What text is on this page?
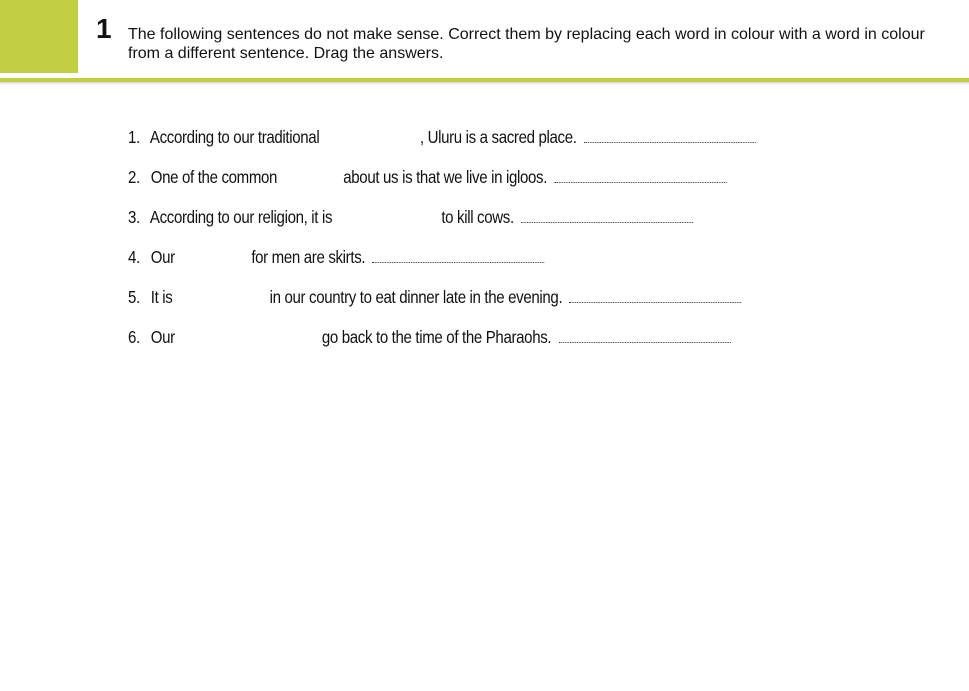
1 The following sentences do not make sense. Correct them by replacing each word in colour with a word in colour from a different sentence. Drag the answers.
1. According to our traditional	, Uluru is a sacred place.
2. One of the common	about us is that we live in igloos.
3. According to our religion, it is	to kill cows.
4. Our	for men are skirts.
5. It is	in our country to eat dinner late in the evening.
6. Our	go back to the time of the Pharaohs.
